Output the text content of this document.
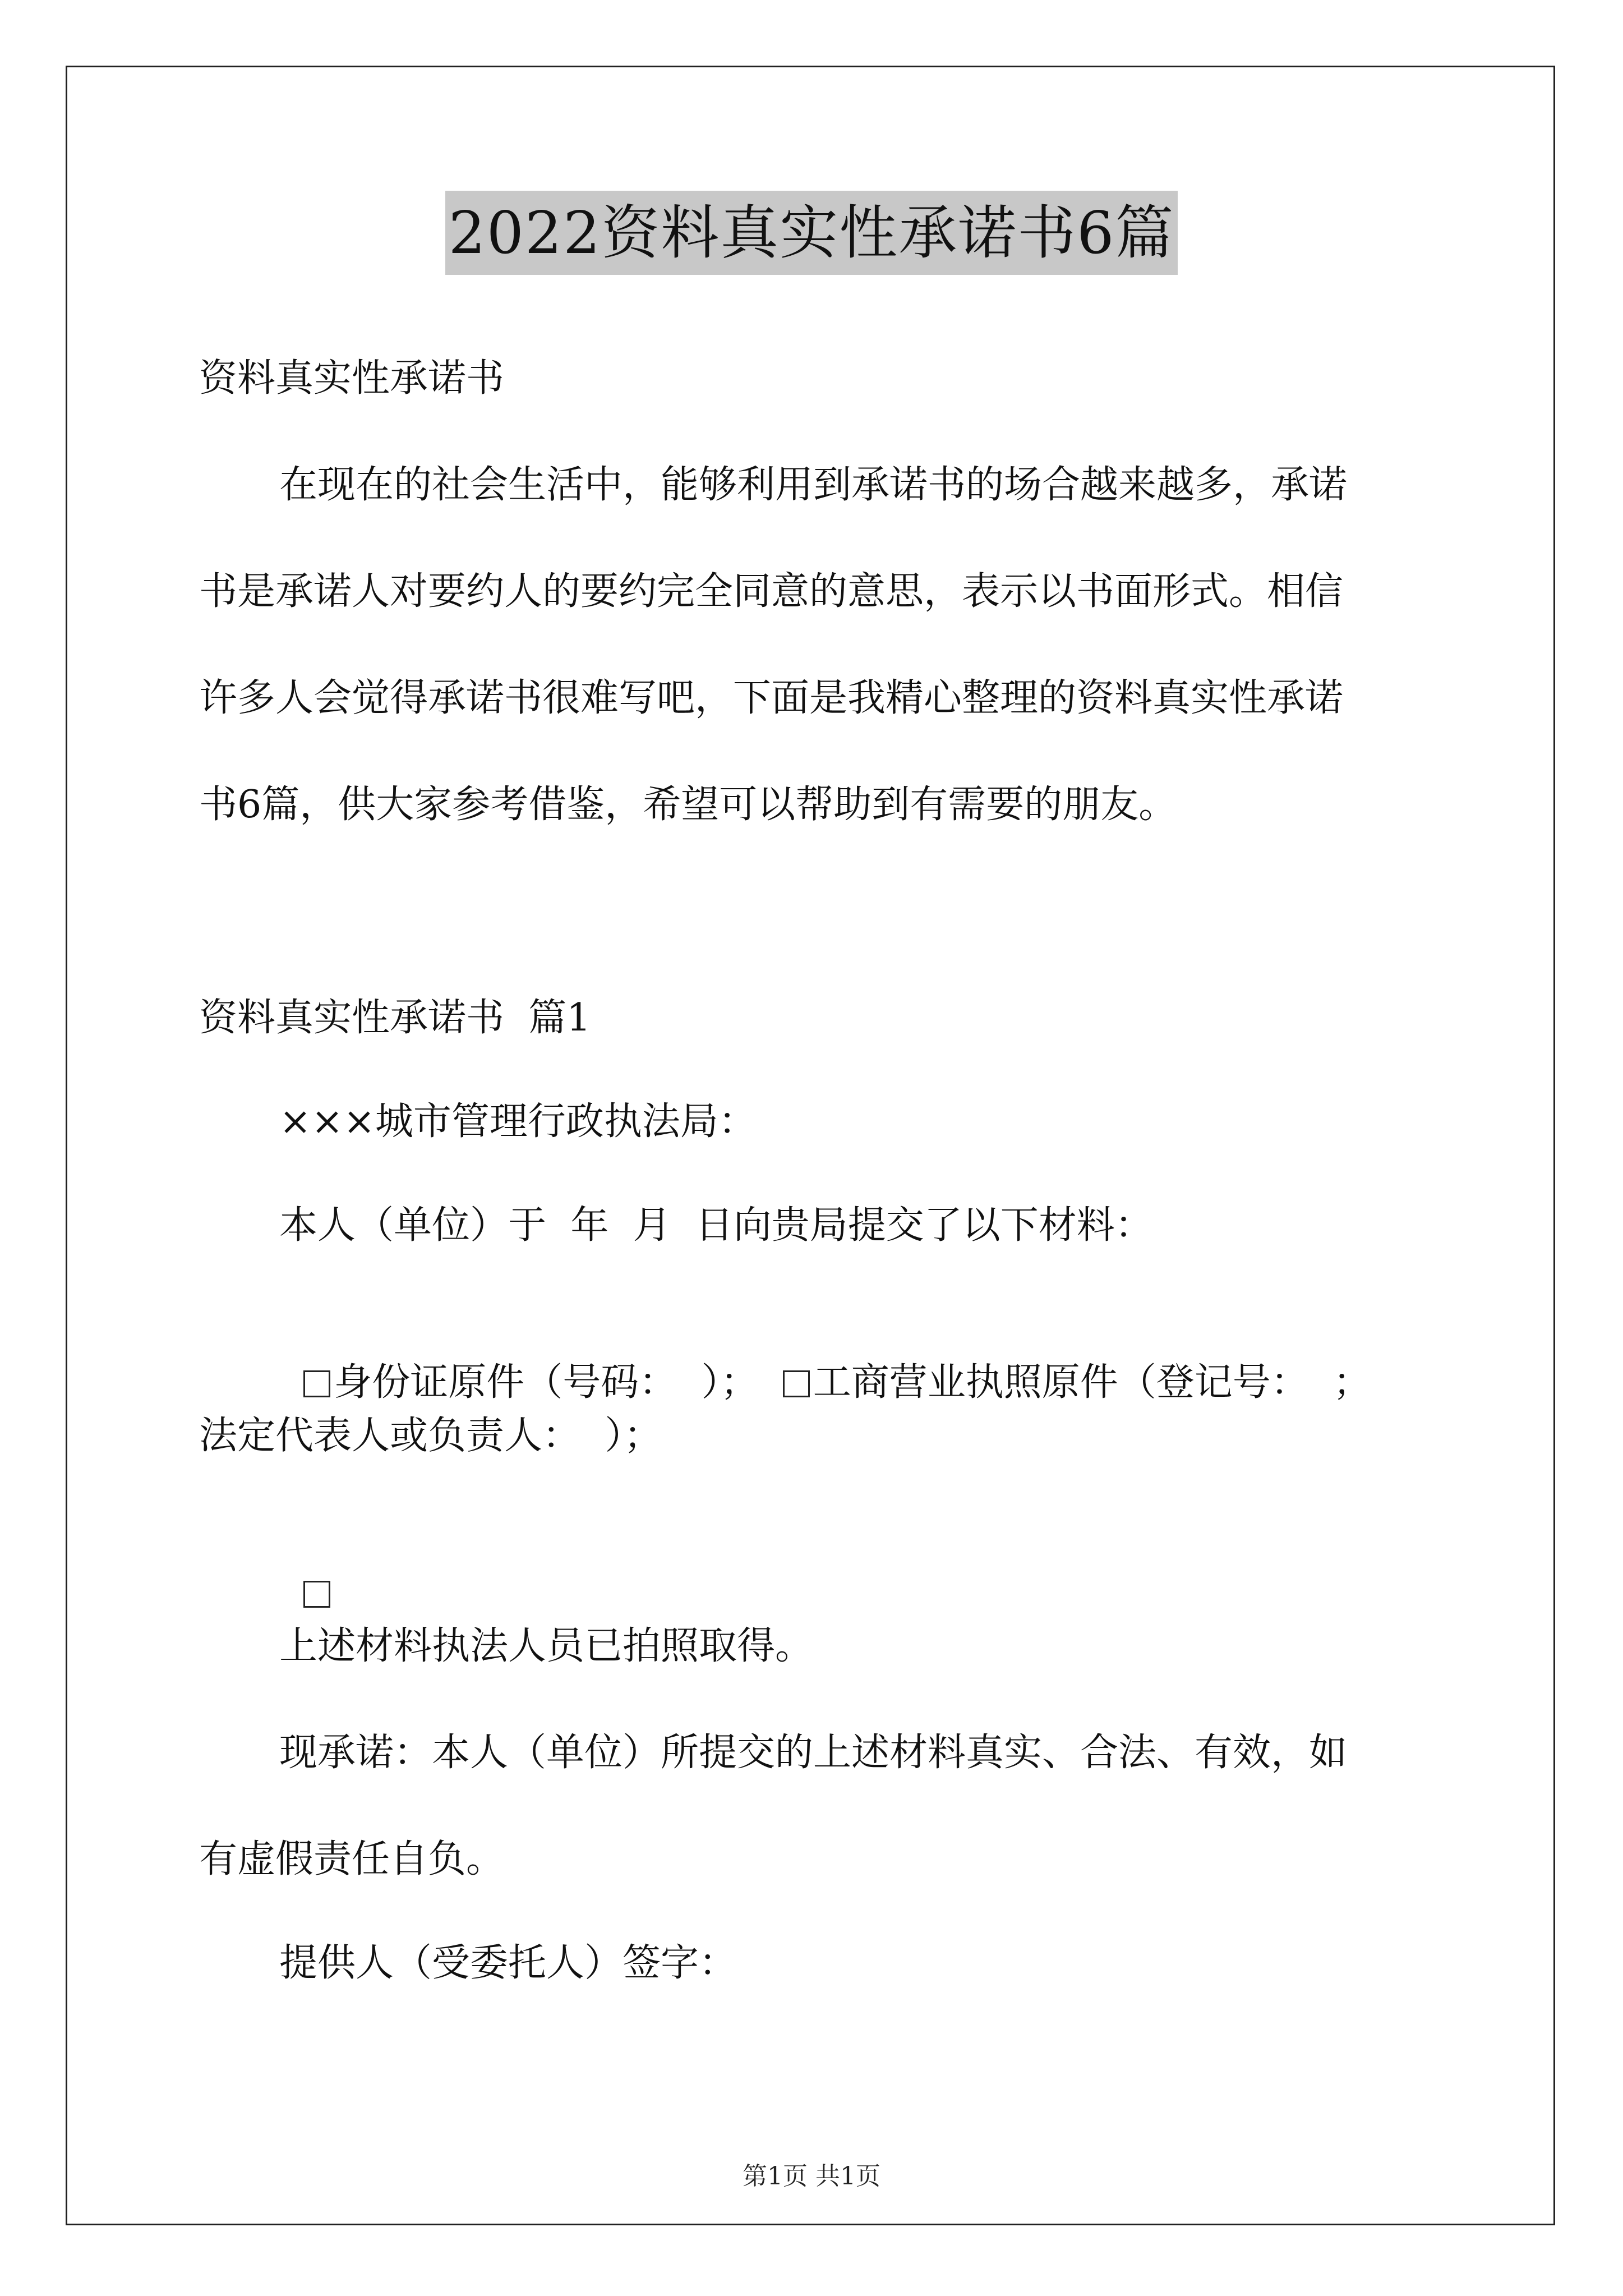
2022资料真实性承诺书6篇
资料真实性承诺书
在现在的社会生活中，能够利用到承诺书的场合越来越多，承诺
书是承诺人对要约人的要约完全同意的意思，表示以书面形式。相信
许多人会觉得承诺书很难写吧，下面是我精心整理的资料真实性承诺
书6篇，供大家参考借鉴，希望可以帮助到有需要的朋友。
资料真实性承诺书  篇1
×××城市管理行政执法局：
本人（单位）于  年  月  日向贵局提交了以下材料：

身份证原件（号码：  ）； 工商营业执照原件（登记号：  ；

法定代表人或负责人：  ）；

上述材料执法人员已拍照取得。
现承诺：本人（单位）所提交的上述材料真实、合法、有效，如
有虚假责任自负。
提供人（受委托人）签字：
第1页 共1页
